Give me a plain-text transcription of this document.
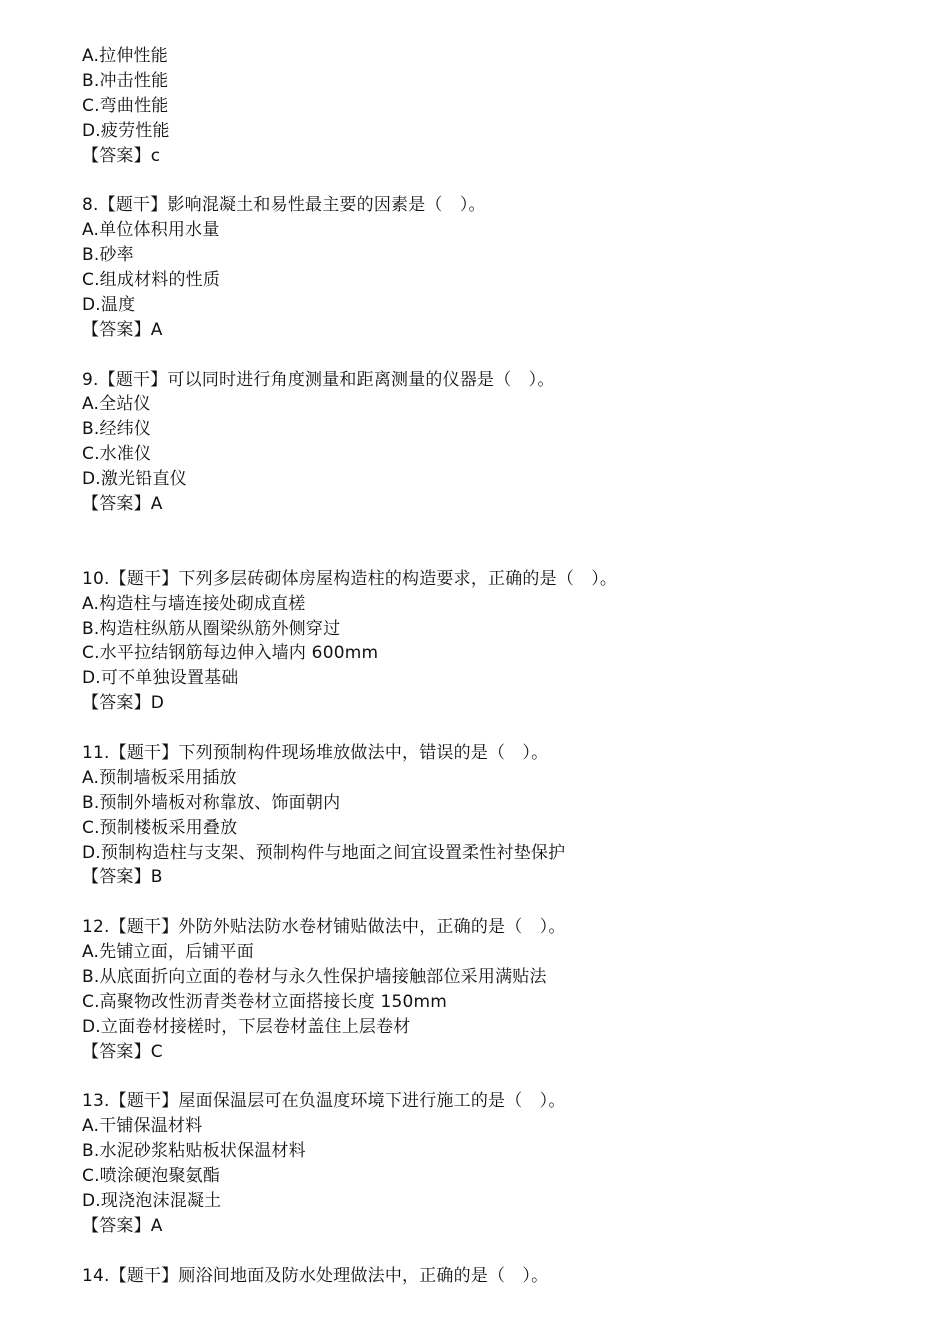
A.拉伸性能
B.冲击性能
C.弯曲性能
D.疲劳性能
【答案】c
8.【题干】影响混凝土和易性最主要的因素是（　）。
A.单位体积用水量
B.砂率
C.组成材料的性质
D.温度
【答案】A
9.【题干】可以同时进行角度测量和距离测量的仪器是（　）。
A.全站仪
B.经纬仪
C.水准仪
D.激光铅直仪
【答案】A
10.【题干】下列多层砖砌体房屋构造柱的构造要求，正确的是（　）。
A.构造柱与墙连接处砌成直槎
B.构造柱纵筋从圈梁纵筋外侧穿过
C.水平拉结钢筋每边伸入墙内 600mm
D.可不单独设置基础
【答案】D
11.【题干】下列预制构件现场堆放做法中，错误的是（　）。
A.预制墙板采用插放
B.预制外墙板对称靠放、饰面朝内
C.预制楼板采用叠放
D.预制构造柱与支架、预制构件与地面之间宜设置柔性衬垫保护
【答案】B
12.【题干】外防外贴法防水卷材铺贴做法中，正确的是（　）。
A.先铺立面，后铺平面
B.从底面折向立面的卷材与永久性保护墙接触部位采用满贴法
C.高聚物改性沥青类卷材立面搭接长度 150mm
D.立面卷材接槎时，下层卷材盖住上层卷材
【答案】C
13.【题干】屋面保温层可在负温度环境下进行施工的是（　）。
A.干铺保温材料
B.水泥砂浆粘贴板状保温材料
C.喷涂硬泡聚氨酯
D.现浇泡沫混凝土
【答案】A
14.【题干】厕浴间地面及防水处理做法中，正确的是（　）。
